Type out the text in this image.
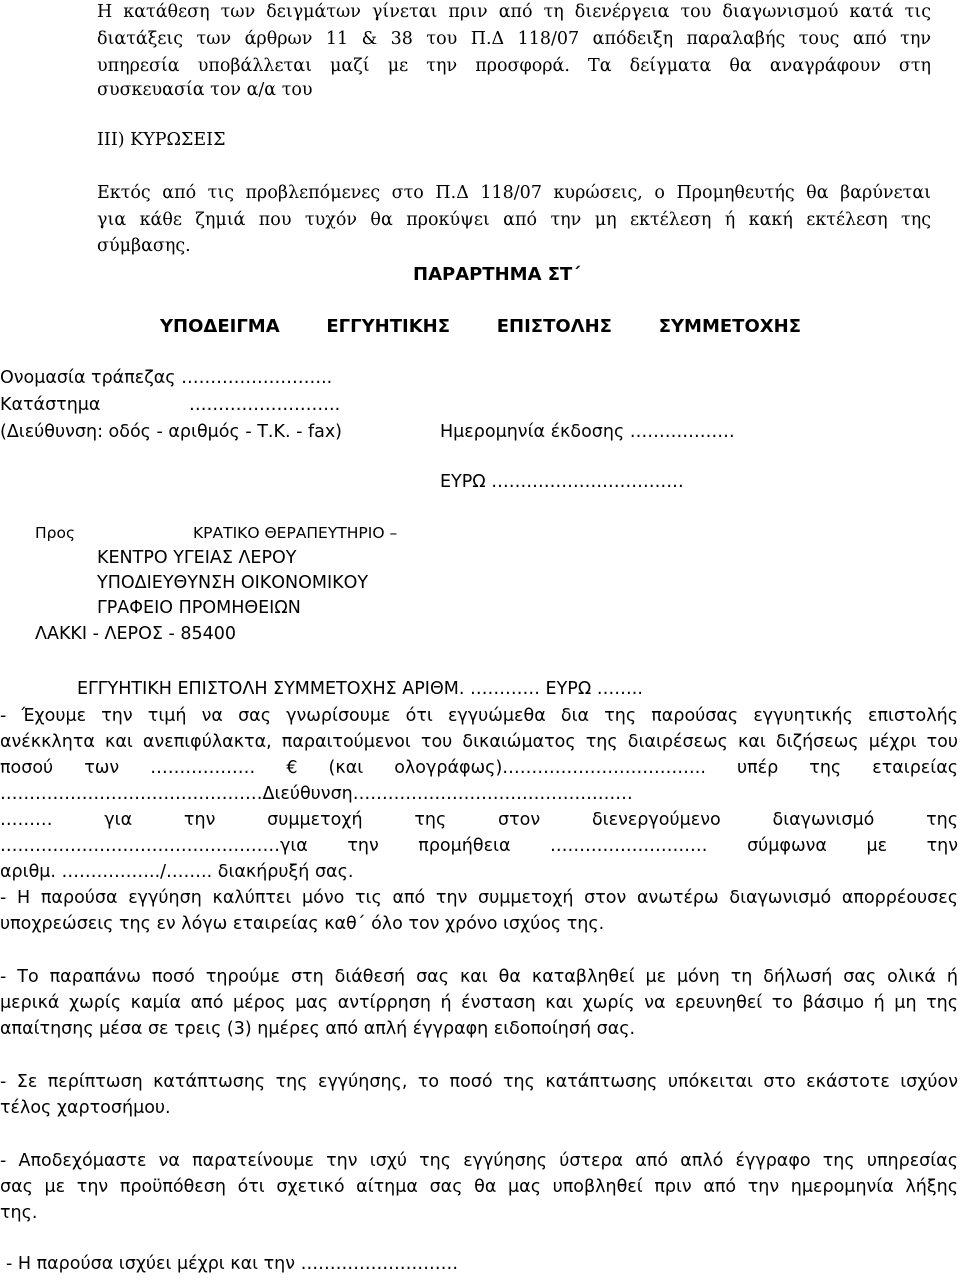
Η κατάθεση των δειγμάτων γίνεται πριν από τη διενέργεια του διαγωνισμού κατά τις
διατάξεις των άρθρων 11 & 38 του Π.Δ 118/07 απόδειξη παραλαβής τους από την
υπηρεσία υποβάλλεται μαζί με την προσφορά. Τα δείγματα θα αναγράφουν στη
συσκευασία τον α/α του
ΙΙΙ) ΚΥΡΩΣΕΙΣ
Εκτός από τις προβλεπόμενες στο Π.Δ 118/07 κυρώσεις, ο Προμηθευτής θα βαρύνεται
για κάθε ζημιά που τυχόν θα προκύψει από την μη εκτέλεση ή κακή εκτέλεση της
σύμβασης.
ΠΑΡΑΡΤΗΜΑ ΣΤ΄
ΥΠΟΔΕΙΓΜΑ ΕΓΓΥΗΤΙΚΗΣ ΕΠΙΣΤΟΛΗΣ ΣΥΜΜΕΤΟΧΗΣ
Ονομασία τράπεζας ……………………..
Κατάστημα	……………………..
(Διεύθυνση: οδός - αριθμός - Τ.Κ. - fax)	Ημερομηνία έκδοσης ………………
ΕΥΡΩ ……………………………
Προς	ΚΡΑΤΙΚΟ ΘΕΡΑΠΕΥΤΗΡΙΟ –
ΚΕΝΤΡΟ ΥΓΕΙΑΣ ΛΕΡΟΥ
ΥΠΟΔΙΕΥΘΥΝΣΗ ΟΙΚΟΝΟΜΙΚΟΥ
ΓΡΑΦΕΙΟ ΠΡΟΜΗΘΕΙΩΝ
ΛΑΚΚΙ - ΛΕΡΟΣ - 85400
ΕΓΓΥΗΤΙΚΗ ΕΠΙΣΤΟΛΗ ΣΥΜΜΕΤΟΧΗΣ ΑΡΙΘΜ. ………… ΕΥΡΩ ……..
- Έχουμε την τιμή να σας γνωρίσουμε ότι εγγυώμεθα δια της παρούσας εγγυητικής επιστολής
ανέκκλητα και ανεπιφύλακτα, παραιτούμενοι του δικαιώματος της διαιρέσεως και διζήσεως μέχρι του
ποσού των ……………… € (και ολογράφως)…………………………….. υπέρ της εταιρείας
………………………………………Διεύθυνση…………………………………………
……… για την συμμετοχή της στον διενεργούμενο διαγωνισμό της
…………………………………………για την προμήθεια ……………………… σύμφωνα με την
αριθμ. ……………../…….. διακήρυξή σας.
- Η παρούσα εγγύηση καλύπτει μόνο τις από την συμμετοχή στον ανωτέρω διαγωνισμό απορρέουσες
υποχρεώσεις της εν λόγω εταιρείας καθ΄ όλο τον χρόνο ισχύος της.
- Το παραπάνω ποσό τηρούμε στη διάθεσή σας και θα καταβληθεί με μόνη τη δήλωσή σας ολικά ή
μερικά χωρίς καμία από μέρος μας αντίρρηση ή ένσταση και χωρίς να ερευνηθεί το βάσιμο ή μη της
απαίτησης μέσα σε τρεις (3) ημέρες από απλή έγγραφη ειδοποίησή σας.
- Σε περίπτωση κατάπτωσης της εγγύησης, το ποσό της κατάπτωσης υπόκειται στο εκάστοτε ισχύον
τέλος χαρτοσήμου.
- Αποδεχόμαστε να παρατείνουμε την ισχύ της εγγύησης ύστερα από απλό έγγραφο της υπηρεσίας
σας με την προϋπόθεση ότι σχετικό αίτημα σας θα μας υποβληθεί πριν από την ημερομηνία λήξης
της.
- Η παρούσα ισχύει μέχρι και την ………………………
